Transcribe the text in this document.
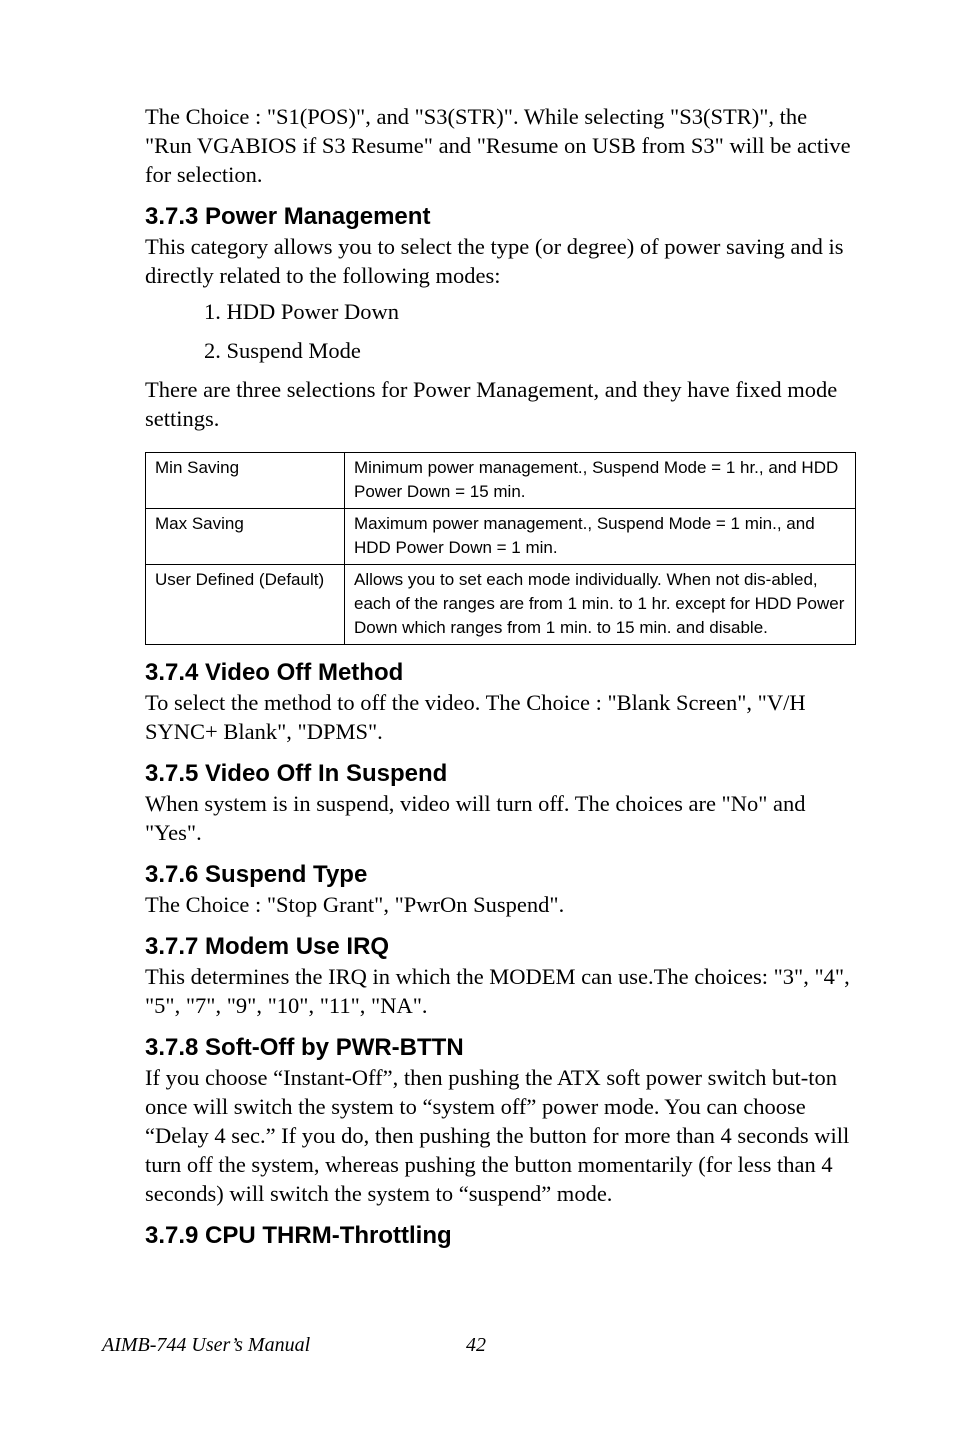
The Choice : "S1(POS)", and "S3(STR)". While selecting "S3(STR)", the "Run VGABIOS if S3 Resume" and "Resume on USB from S3" will be active for selection.

3.7.3 Power Management

This category allows you to select the type (or degree) of power saving and is directly related to the following modes:

1. HDD Power Down
2. Suspend Mode

There are three selections for Power Management, and they have fixed mode settings.

Min Saving	Minimum power management., Suspend Mode = 1 hr., and HDD Power Down = 15 min.
Max Saving	Maximum power management., Suspend Mode = 1 min., and HDD Power Down = 1 min.
User Defined (Default)	Allows you to set each mode individually. When not dis-abled, each of the ranges are from 1 min. to 1 hr. except for HDD Power Down which ranges from 1 min. to 15 min. and disable.
3.7.4 Video Off Method

To select the method to off the video. The Choice : "Blank Screen", "V/H SYNC+ Blank", "DPMS".

3.7.5 Video Off In Suspend

When system is in suspend, video will turn off. The choices are "No" and "Yes".

3.7.6 Suspend Type

The Choice : "Stop Grant", "PwrOn Suspend".

3.7.7 Modem Use IRQ

This determines the IRQ in which the MODEM can use.The choices: "3", "4", "5", "7", "9", "10", "11", "NA".

3.7.8 Soft-Off by PWR-BTTN

If you choose “Instant-Off”, then pushing the ATX soft power switch but-ton once will switch the system to “system off” power mode. You can choose “Delay 4 sec.” If you do, then pushing the button for more than 4 seconds will turn off the system, whereas pushing the button momentarily (for less than 4 seconds) will switch the system to “suspend” mode.

3.7.9 CPU THRM-Throttling
AIMB-744 User’s Manual	42
